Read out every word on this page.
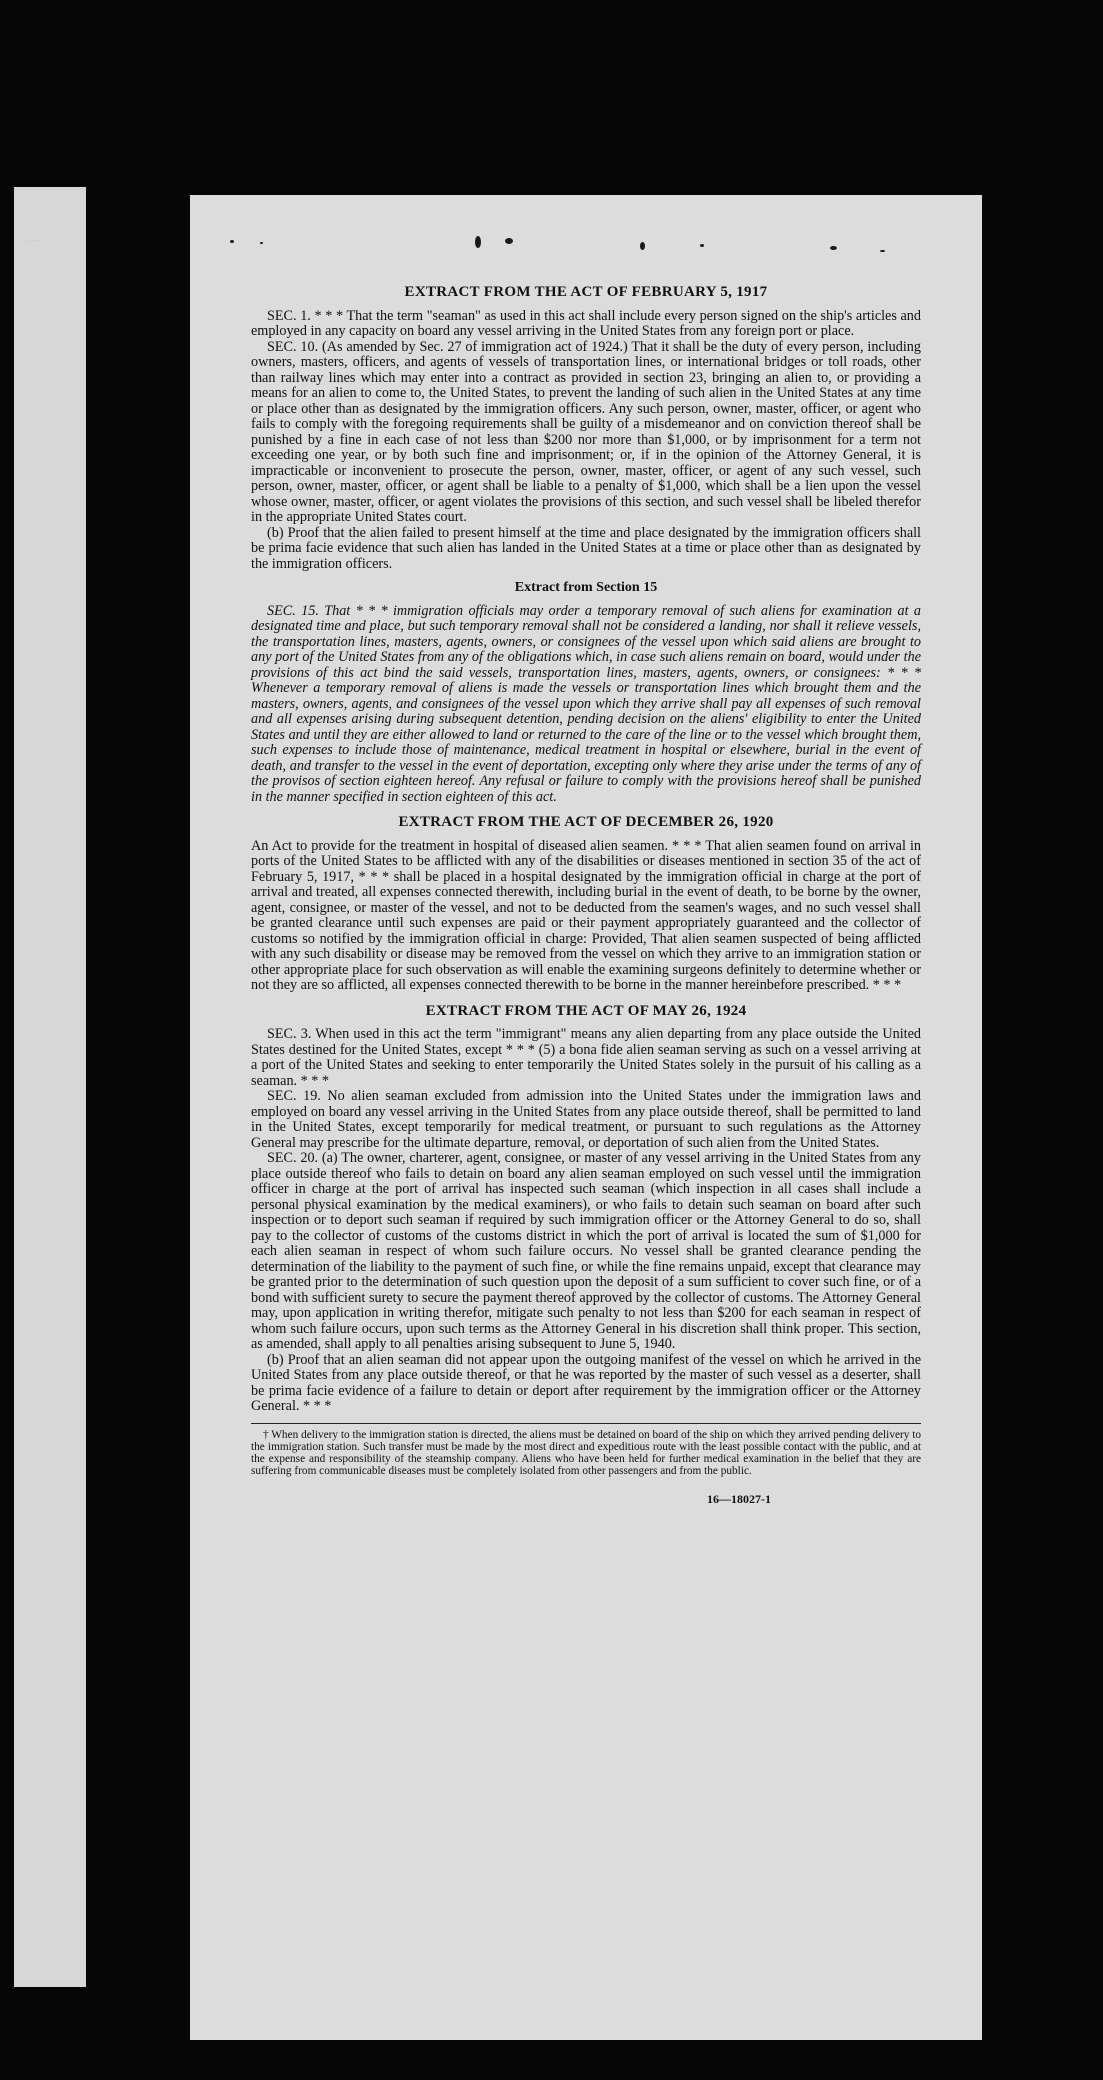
—
EXTRACT FROM THE ACT OF FEBRUARY 5, 1917

SEC. 1. * * * That the term "seaman" as used in this act shall include every person signed on the ship's articles and employed in any capacity on board any vessel arriving in the United States from any foreign port or place.

SEC. 10. (As amended by Sec. 27 of immigration act of 1924.) That it shall be the duty of every person, including owners, masters, officers, and agents of vessels of transportation lines, or international bridges or toll roads, other than railway lines which may enter into a contract as provided in section 23, bringing an alien to, or providing a means for an alien to come to, the United States, to prevent the landing of such alien in the United States at any time or place other than as designated by the immigration officers. Any such person, owner, master, officer, or agent who fails to comply with the foregoing requirements shall be guilty of a misdemeanor and on conviction thereof shall be punished by a fine in each case of not less than $200 nor more than $1,000, or by imprisonment for a term not exceeding one year, or by both such fine and imprisonment; or, if in the opinion of the Attorney General, it is impracticable or inconvenient to prosecute the person, owner, master, officer, or agent of any such vessel, such person, owner, master, officer, or agent shall be liable to a penalty of $1,000, which shall be a lien upon the vessel whose owner, master, officer, or agent violates the provisions of this section, and such vessel shall be libeled therefor in the appropriate United States court.

(b) Proof that the alien failed to present himself at the time and place designated by the immigration officers shall be prima facie evidence that such alien has landed in the United States at a time or place other than as designated by the immigration officers.

Extract from Section 15

SEC. 15. That * * * immigration officials may order a temporary removal of such aliens for examination at a designated time and place, but such temporary removal shall not be considered a landing, nor shall it relieve vessels, the transportation lines, masters, agents, owners, or consignees of the vessel upon which said aliens are brought to any port of the United States from any of the obligations which, in case such aliens remain on board, would under the provisions of this act bind the said vessels, transportation lines, masters, agents, owners, or consignees: * * * Whenever a temporary removal of aliens is made the vessels or transportation lines which brought them and the masters, owners, agents, and consignees of the vessel upon which they arrive shall pay all expenses of such removal and all expenses arising during subsequent detention, pending decision on the aliens' eligibility to enter the United States and until they are either allowed to land or returned to the care of the line or to the vessel which brought them, such expenses to include those of maintenance, medical treatment in hospital or elsewhere, burial in the event of death, and transfer to the vessel in the event of deportation, excepting only where they arise under the terms of any of the provisos of section eighteen hereof. Any refusal or failure to comply with the provisions hereof shall be punished in the manner specified in section eighteen of this act.

EXTRACT FROM THE ACT OF DECEMBER 26, 1920

An Act to provide for the treatment in hospital of diseased alien seamen. * * * That alien seamen found on arrival in ports of the United States to be afflicted with any of the disabilities or diseases mentioned in section 35 of the act of February 5, 1917, * * * shall be placed in a hospital designated by the immigration official in charge at the port of arrival and treated, all expenses connected therewith, including burial in the event of death, to be borne by the owner, agent, consignee, or master of the vessel, and not to be deducted from the seamen's wages, and no such vessel shall be granted clearance until such expenses are paid or their payment appropriately guaranteed and the collector of customs so notified by the immigration official in charge: Provided, That alien seamen suspected of being afflicted with any such disability or disease may be removed from the vessel on which they arrive to an immigration station or other appropriate place for such observation as will enable the examining surgeons definitely to determine whether or not they are so afflicted, all expenses connected therewith to be borne in the manner hereinbefore prescribed. * * *

EXTRACT FROM THE ACT OF MAY 26, 1924

SEC. 3. When used in this act the term "immigrant" means any alien departing from any place outside the United States destined for the United States, except * * * (5) a bona fide alien seaman serving as such on a vessel arriving at a port of the United States and seeking to enter temporarily the United States solely in the pursuit of his calling as a seaman. * * *

SEC. 19. No alien seaman excluded from admission into the United States under the immigration laws and employed on board any vessel arriving in the United States from any place outside thereof, shall be permitted to land in the United States, except temporarily for medical treatment, or pursuant to such regulations as the Attorney General may prescribe for the ultimate departure, removal, or deportation of such alien from the United States.

SEC. 20. (a) The owner, charterer, agent, consignee, or master of any vessel arriving in the United States from any place outside thereof who fails to detain on board any alien seaman employed on such vessel until the immigration officer in charge at the port of arrival has inspected such seaman (which inspection in all cases shall include a personal physical examination by the medical examiners), or who fails to detain such seaman on board after such inspection or to deport such seaman if required by such immigration officer or the Attorney General to do so, shall pay to the collector of customs of the customs district in which the port of arrival is located the sum of $1,000 for each alien seaman in respect of whom such failure occurs. No vessel shall be granted clearance pending the determination of the liability to the payment of such fine, or while the fine remains unpaid, except that clearance may be granted prior to the determination of such question upon the deposit of a sum sufficient to cover such fine, or of a bond with sufficient surety to secure the payment thereof approved by the collector of customs. The Attorney General may, upon application in writing therefor, mitigate such penalty to not less than $200 for each seaman in respect of whom such failure occurs, upon such terms as the Attorney General in his discretion shall think proper. This section, as amended, shall apply to all penalties arising subsequent to June 5, 1940.

(b) Proof that an alien seaman did not appear upon the outgoing manifest of the vessel on which he arrived in the United States from any place outside thereof, or that he was reported by the master of such vessel as a deserter, shall be prima facie evidence of a failure to detain or deport after requirement by the immigration officer or the Attorney General. * * *

† When delivery to the immigration station is directed, the aliens must be detained on board of the ship on which they arrived pending delivery to the immigration station. Such transfer must be made by the most direct and expeditious route with the least possible contact with the public, and at the expense and responsibility of the steamship company. Aliens who have been held for further medical examination in the belief that they are suffering from communicable diseases must be completely isolated from other passengers and from the public.

16—18027-1
